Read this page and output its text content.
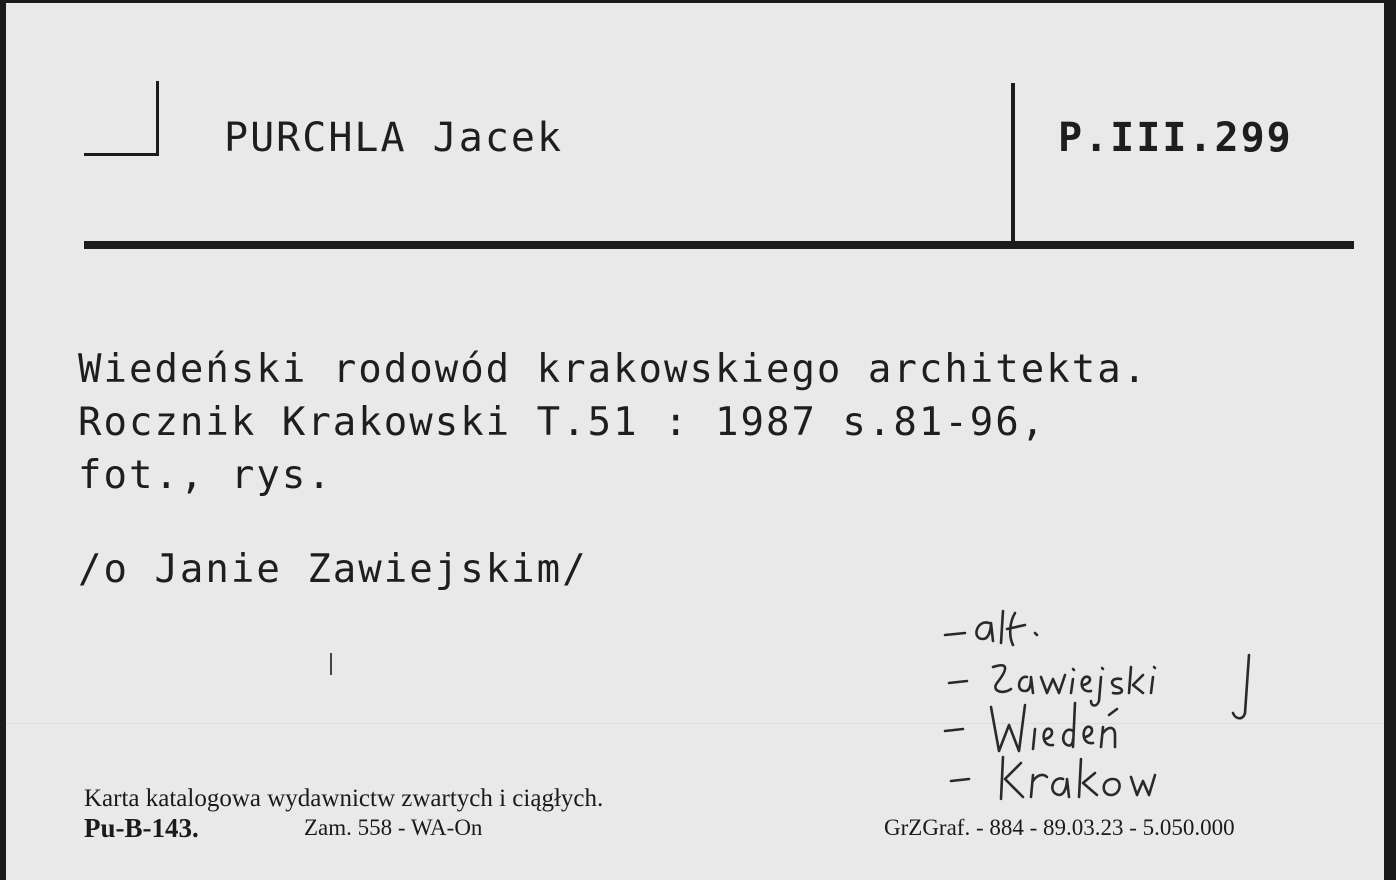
PURCHLA Jacek	P.III.299
Wiedeński rodowód krakowskiego architekta.
Rocznik Krakowski T.51 : 1987 s.81-96,
fot., rys.
/o Janie Zawiejskim/
Karta katalogowa wydawnictw zwartych i ciągłych.
Pu-B-143.	Zam. 558 - WA-On	GrZGraf. - 884 - 89.03.23 - 5.050.000
